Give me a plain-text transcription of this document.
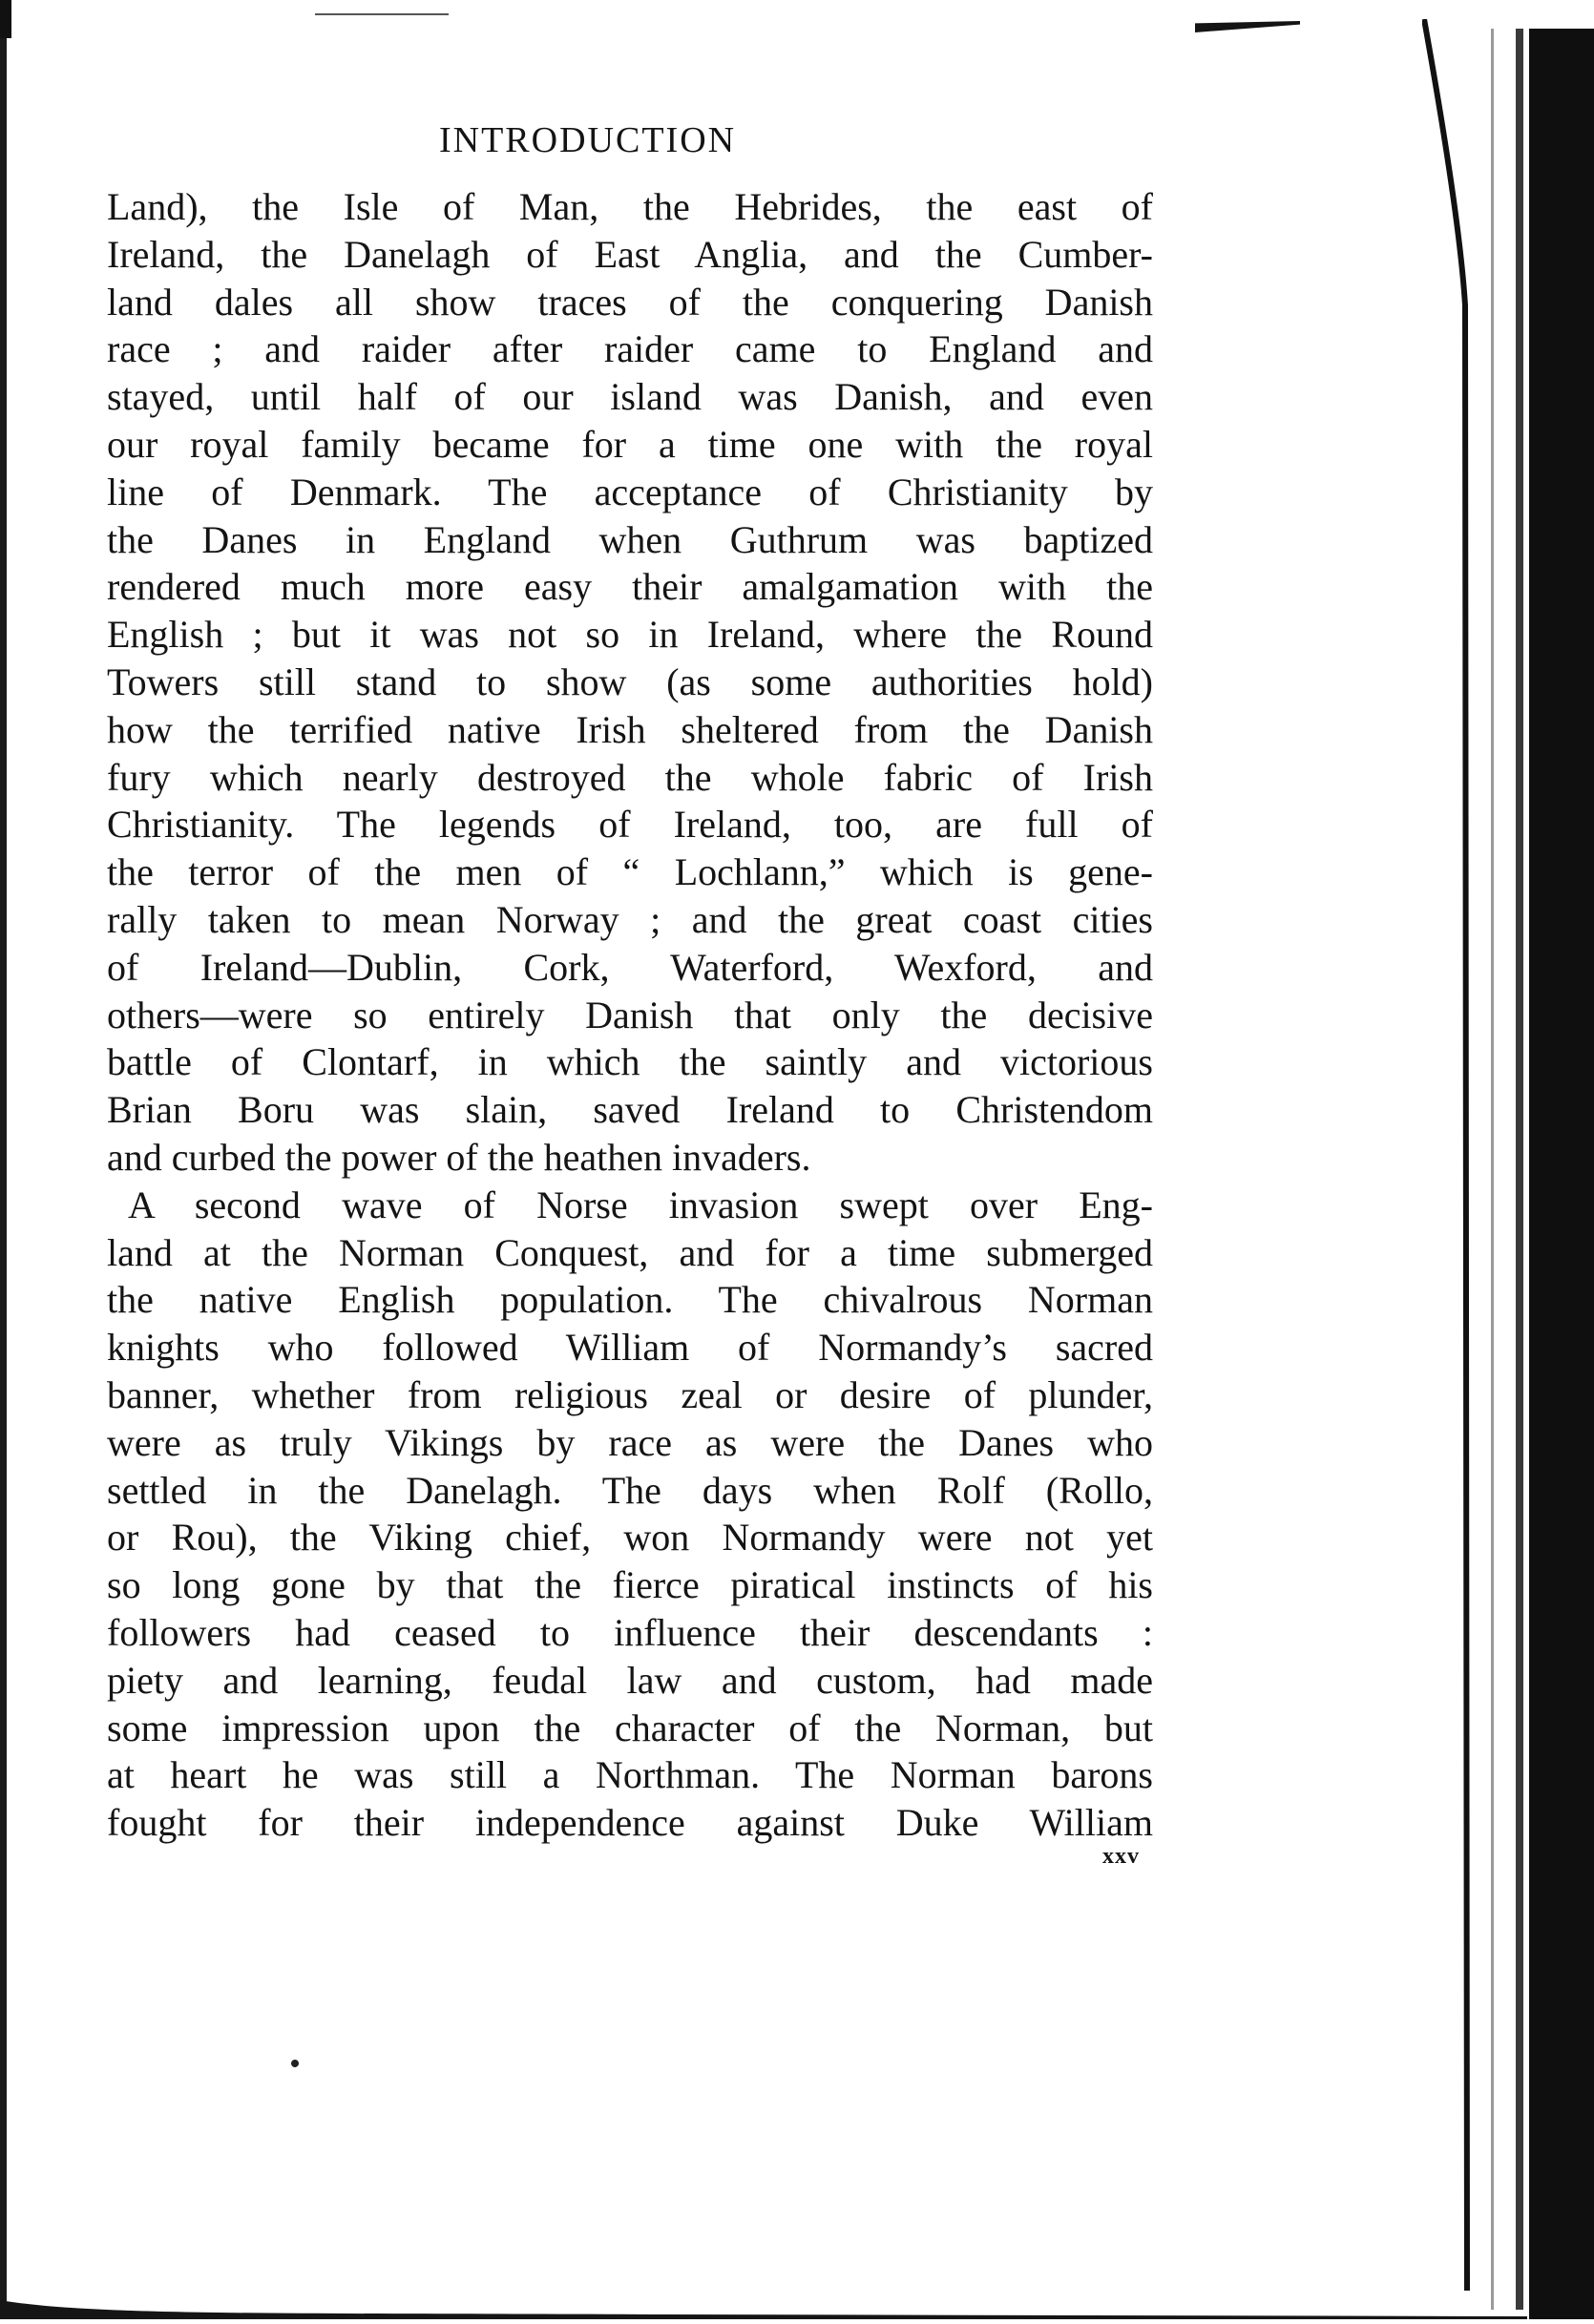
INTRODUCTION
Land), the Isle of Man, the Hebrides, the east of
Ireland, the Danelagh of East Anglia, and the Cumber-
land dales all show traces of the conquering Danish
race ; and raider after raider came to England and
stayed, until half of our island was Danish, and even
our royal family became for a time one with the royal
line of Denmark. The acceptance of Christianity by
the Danes in England when Guthrum was baptized
rendered much more easy their amalgamation with the
English ; but it was not so in Ireland, where the Round
Towers still stand to show (as some authorities hold)
how the terrified native Irish sheltered from the Danish
fury which nearly destroyed the whole fabric of Irish
Christianity. The legends of Ireland, too, are full of
the terror of the men of “ Lochlann,” which is gene-
rally taken to mean Norway ; and the great coast cities
of Ireland—Dublin, Cork, Waterford, Wexford, and
others—were so entirely Danish that only the decisive
battle of Clontarf, in which the saintly and victorious
Brian Boru was slain, saved Ireland to Christendom
and curbed the power of the heathen invaders.
A second wave of Norse invasion swept over Eng-
land at the Norman Conquest, and for a time submerged
the native English population. The chivalrous Norman
knights who followed William of Normandy’s sacred
banner, whether from religious zeal or desire of plunder,
were as truly Vikings by race as were the Danes who
settled in the Danelagh. The days when Rolf (Rollo,
or Rou), the Viking chief, won Normandy were not yet
so long gone by that the fierce piratical instincts of his
followers had ceased to influence their descendants :
piety and learning, feudal law and custom, had made
some impression upon the character of the Norman, but
at heart he was still a Northman. The Norman barons
fought for their independence against Duke William
xxv
